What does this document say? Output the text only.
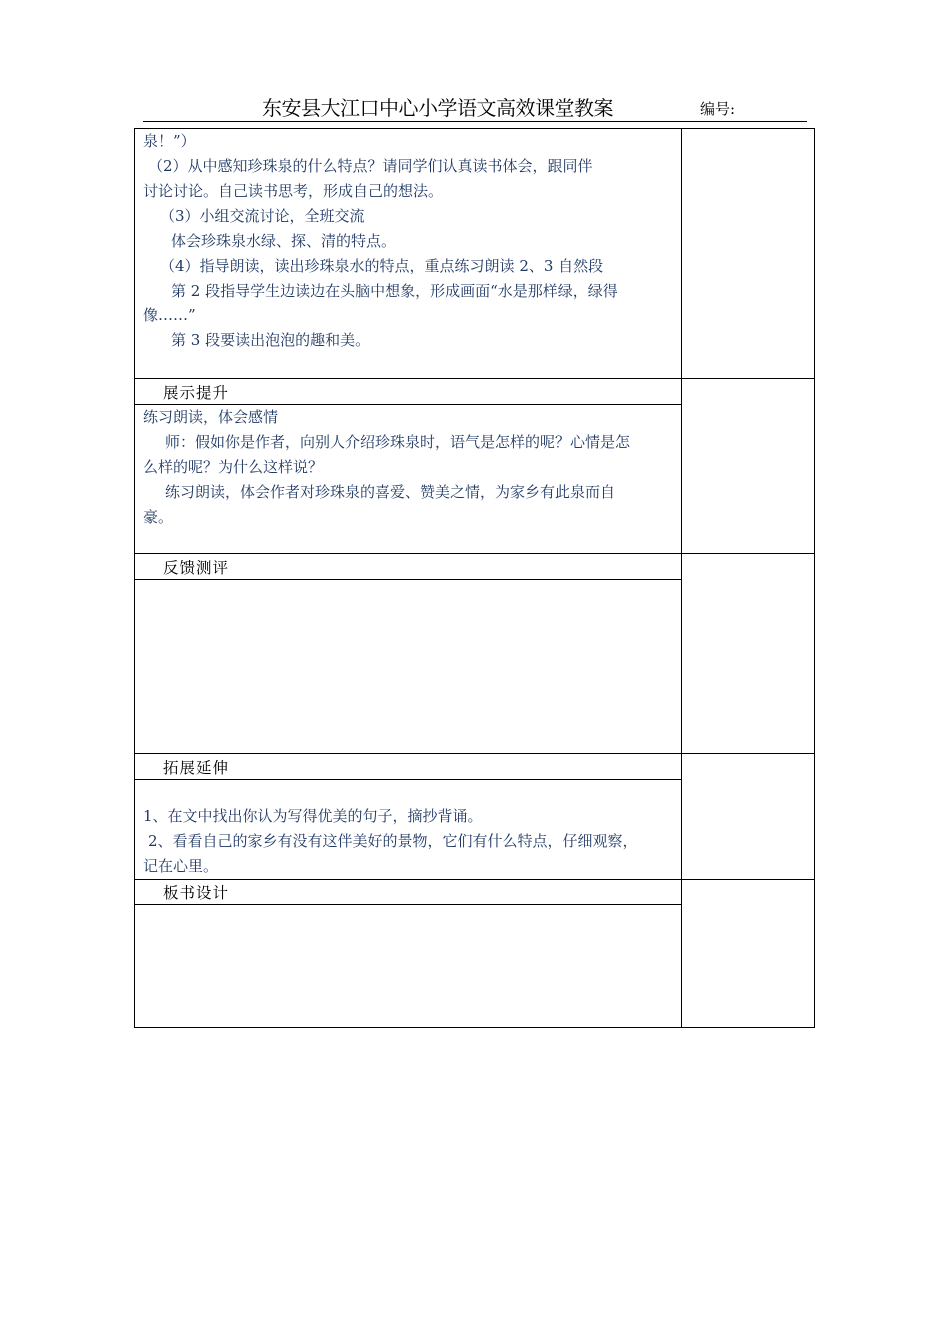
东安县大江口中心小学语文高效课堂教案	编号:
泉！”）
（2）从中感知珍珠泉的什么特点？请同学们认真读书体会，跟同伴
讨论讨论。自己读书思考，形成自己的想法。
（3）小组交流讨论，全班交流
体会珍珠泉水绿、探、清的特点。
（4）指导朗读，读出珍珠泉水的特点，重点练习朗读 2、3 自然段
第 2 段指导学生边读边在头脑中想象，形成画面“水是那样绿，绿得
像……”
第 3 段要读出泡泡的趣和美。
展示提升
练习朗读，体会感情
师：假如你是作者，向别人介绍珍珠泉时，语气是怎样的呢？心情是怎
么样的呢？为什么这样说？
练习朗读，体会作者对珍珠泉的喜爱、赞美之情，为家乡有此泉而自
豪。
反馈测评
拓展延伸
1、在文中找出你认为写得优美的句子，摘抄背诵。
2、看看自己的家乡有没有这伴美好的景物，它们有什么特点，仔细观察，
记在心里。
板书设计
